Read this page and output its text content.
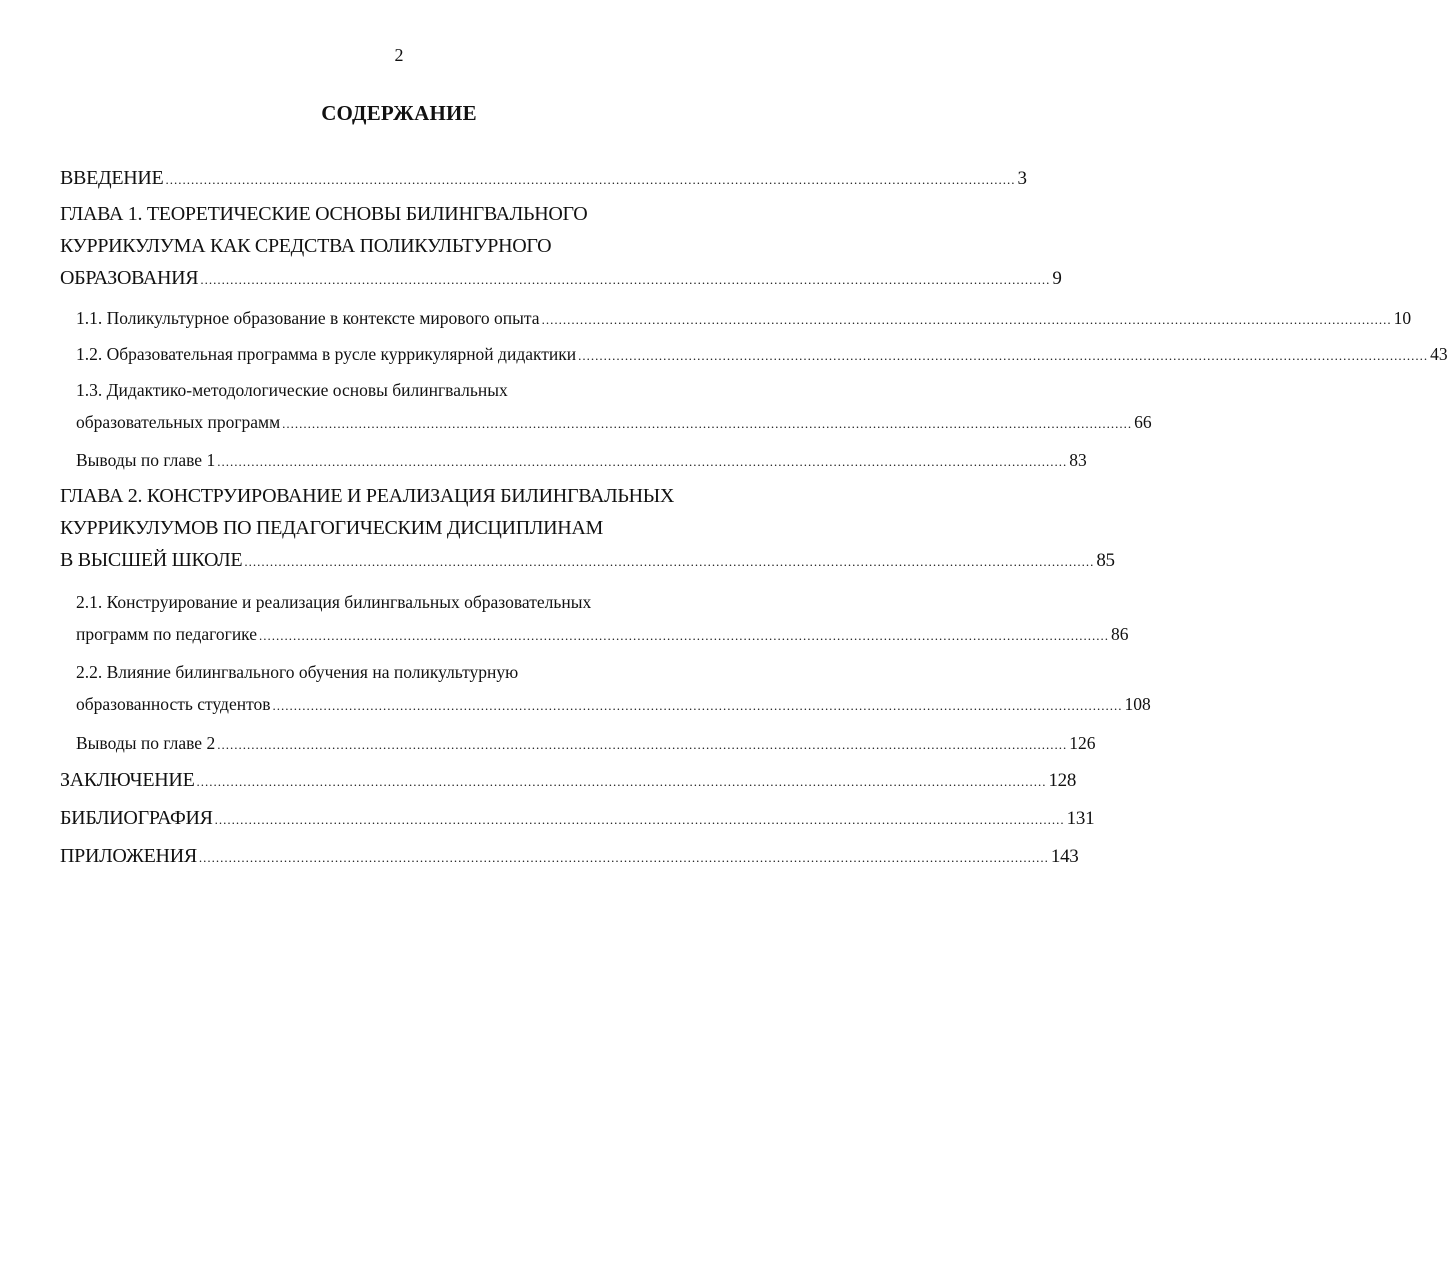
2
СОДЕРЖАНИЕ
ВВЕДЕНИЕ ........................................................................................................................................................................................................ 3
ГЛАВА 1. ТЕОРЕТИЧЕСКИЕ ОСНОВЫ БИЛИНГВАЛЬНОГО
КУРРИКУЛУМА КАК СРЕДСТВА ПОЛИКУЛЬТУРНОГО
ОБРАЗОВАНИЯ ........................................................................................................................................................................................................ 9
1.1. Поликультурное образование в контексте мирового опыта ........................................................................................................................................................................................................ 10
1.2. Образовательная программа в русле куррикулярной дидактики ........................................................................................................................................................................................................ 43
1.3. Дидактико-методологические основы билингвальных
образовательных программ ........................................................................................................................................................................................................ 66
Выводы по главе 1 ........................................................................................................................................................................................................ 83
ГЛАВА 2. КОНСТРУИРОВАНИЕ И РЕАЛИЗАЦИЯ БИЛИНГВАЛЬНЫХ
КУРРИКУЛУМОВ ПО ПЕДАГОГИЧЕСКИМ ДИСЦИПЛИНАМ
В ВЫСШЕЙ ШКОЛЕ ........................................................................................................................................................................................................ 85
2.1. Конструирование и реализация билингвальных образовательных
программ по педагогике ........................................................................................................................................................................................................ 86
2.2. Влияние билингвального обучения на поликультурную
образованность студентов ........................................................................................................................................................................................................ 108
Выводы по главе 2 ........................................................................................................................................................................................................ 126
ЗАКЛЮЧЕНИЕ ........................................................................................................................................................................................................ 128
БИБЛИОГРАФИЯ ........................................................................................................................................................................................................ 131
ПРИЛОЖЕНИЯ ........................................................................................................................................................................................................ 143
